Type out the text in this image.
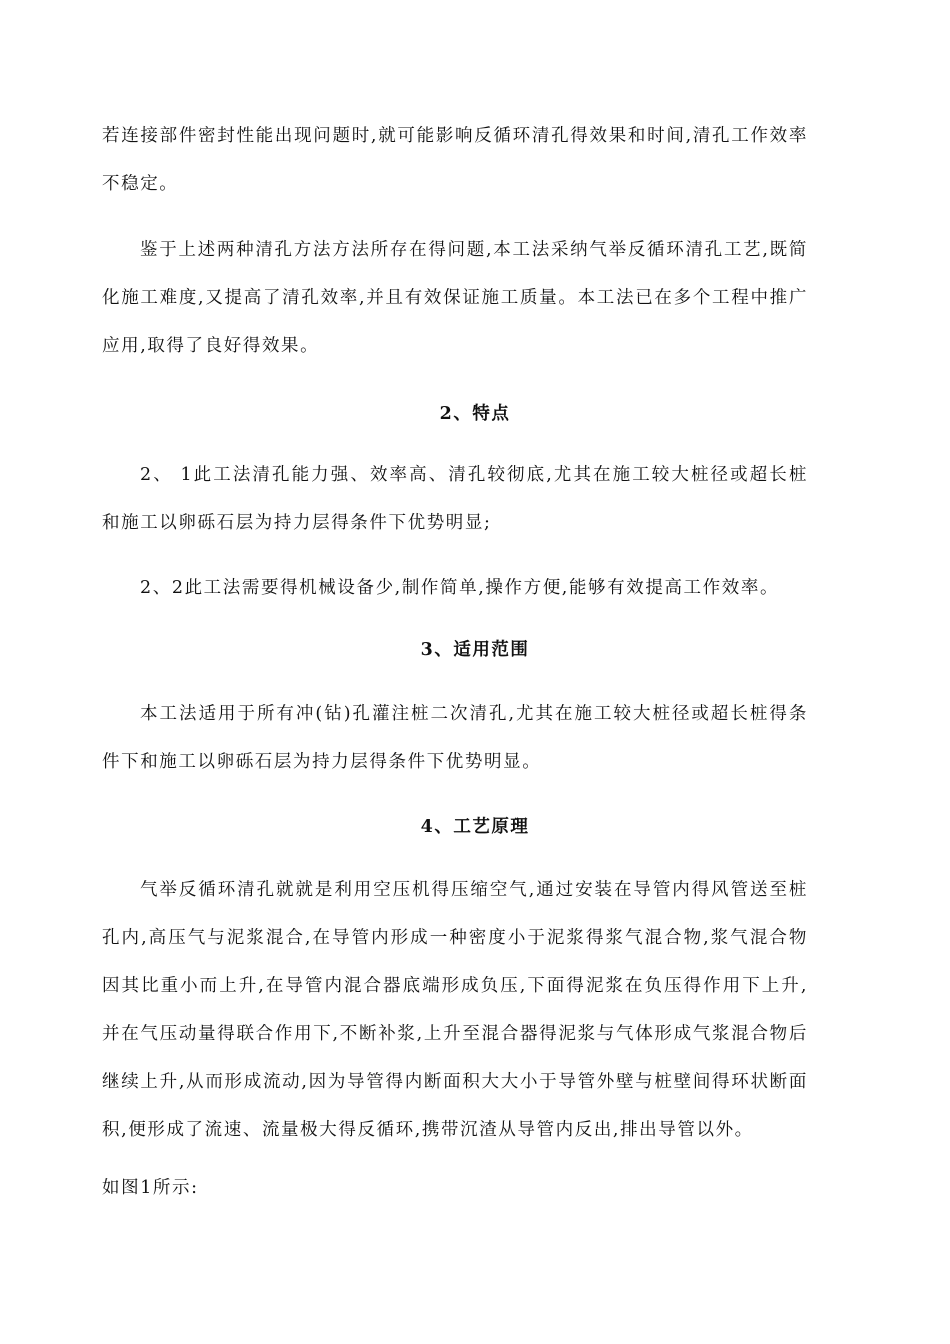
若连接部件密封性能出现问题时,就可能影响反循环清孔得效果和时间,清孔工作效率不稳定。

鉴于上述两种清孔方法方法所存在得问题,本工法采纳气举反循环清孔工艺,既简化施工难度,又提高了清孔效率,并且有效保证施工质量。本工法已在多个工程中推广应用,取得了良好得效果。

2、特点

2、 1此工法清孔能力强、效率高、清孔较彻底,尤其在施工较大桩径或超长桩和施工以卵砾石层为持力层得条件下优势明显;

2、2此工法需要得机械设备少,制作简单,操作方便,能够有效提高工作效率。

3、适用范围

本工法适用于所有冲(钻)孔灌注桩二次清孔,尤其在施工较大桩径或超长桩得条件下和施工以卵砾石层为持力层得条件下优势明显。

4、工艺原理

气举反循环清孔就就是利用空压机得压缩空气,通过安装在导管内得风管送至桩孔内,高压气与泥浆混合,在导管内形成一种密度小于泥浆得浆气混合物,浆气混合物因其比重小而上升,在导管内混合器底端形成负压,下面得泥浆在负压得作用下上升,并在气压动量得联合作用下,不断补浆,上升至混合器得泥浆与气体形成气浆混合物后继续上升,从而形成流动,因为导管得内断面积大大小于导管外壁与桩壁间得环状断面积,便形成了流速、流量极大得反循环,携带沉渣从导管内反出,排出导管以外。

如图1所示:
